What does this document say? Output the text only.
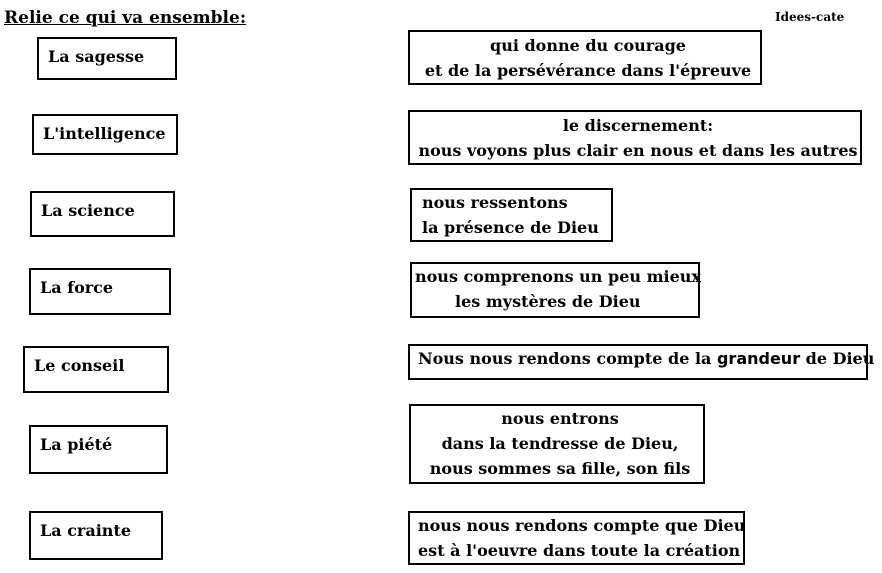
Relie ce qui va ensemble:	Idees-cate
La sagesse
L'intelligence
La science
La force
Le conseil
La piété
La crainte
qui donne du courage
et de la persévérance dans l'épreuve
le discernement:
nous voyons plus clair en nous et dans les autres
nous ressentons
la présence de Dieu
nous comprenons un peu mieux
les mystères de Dieu
Nous nous rendons compte de la grandeur de Dieu
nous entrons
dans la tendresse de Dieu,
nous sommes sa fille, son fils
nous nous rendons compte que Dieu
est à l'oeuvre dans toute la création
